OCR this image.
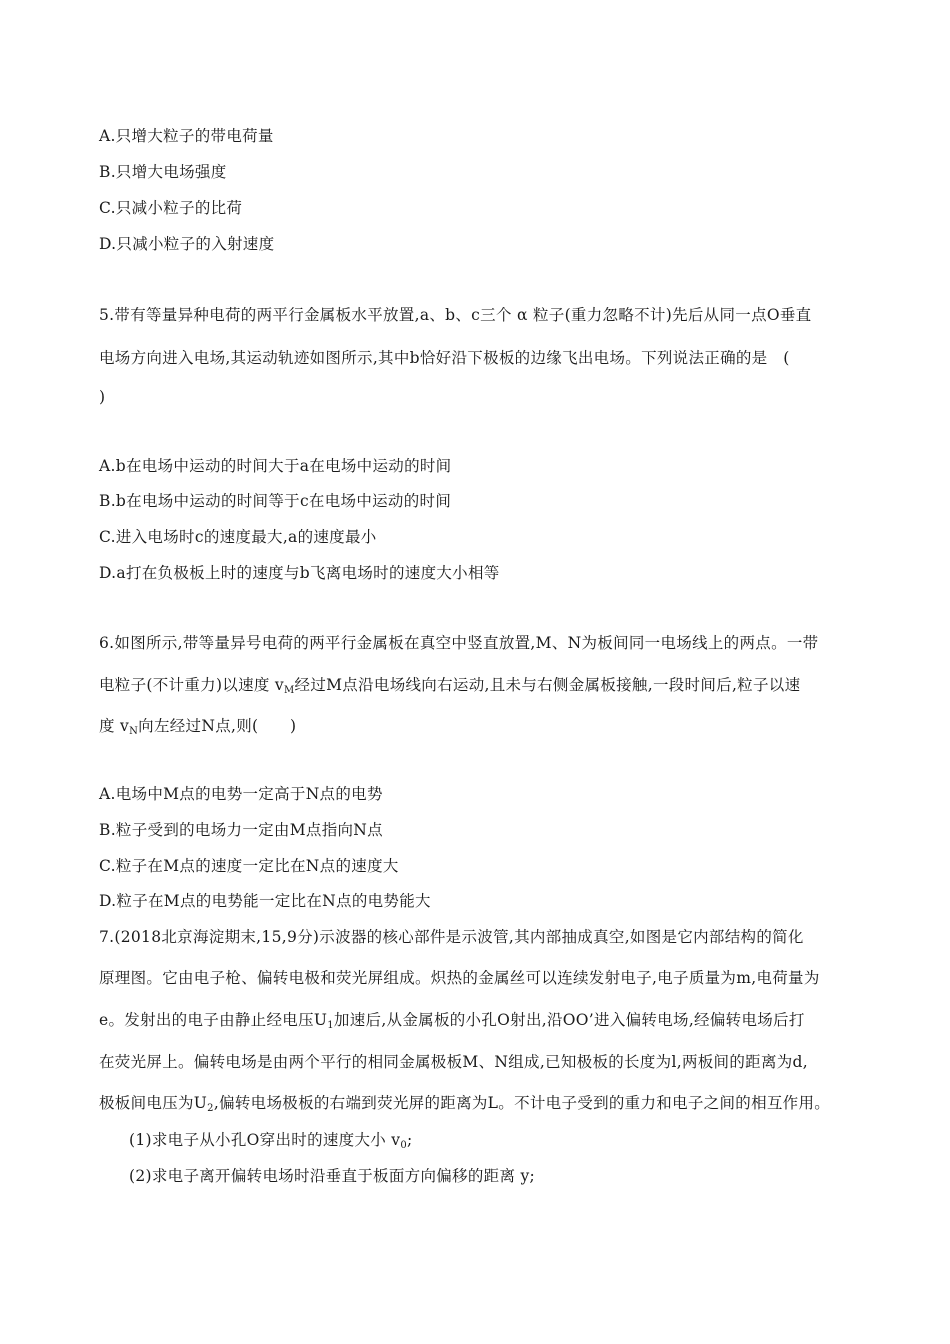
A.只增大粒子的带电荷量
B.只增大电场强度
C.只减小粒子的比荷
D.只减小粒子的入射速度
5.带有等量异种电荷的两平行金属板水平放置,a、b、c三个 α 粒子(重力忽略不计)先后从同一点O垂直
电场方向进入电场,其运动轨迹如图所示,其中b恰好沿下极板的边缘飞出电场。下列说法正确的是　(
)
A.b在电场中运动的时间大于a在电场中运动的时间
B.b在电场中运动的时间等于c在电场中运动的时间
C.进入电场时c的速度最大,a的速度最小
D.a打在负极板上时的速度与b飞离电场时的速度大小相等
6.如图所示,带等量异号电荷的两平行金属板在真空中竖直放置,M、N为板间同一电场线上的两点。一带
电粒子(不计重力)以速度 $v_M$经过M点沿电场线向右运动,且未与右侧金属板接触,一段时间后,粒子以速
度 $v_N$向左经过N点,则(　　)
A.电场中M点的电势一定高于N点的电势
B.粒子受到的电场力一定由M点指向N点
C.粒子在M点的速度一定比在N点的速度大
D.粒子在M点的电势能一定比在N点的电势能大
7.(2018北京海淀期末,15,9分)示波器的核心部件是示波管,其内部抽成真空,如图是它内部结构的简化
原理图。它由电子枪、偏转电极和荧光屏组成。炽热的金属丝可以连续发射电子,电子质量为m,电荷量为
e。发射出的电子由静止经电压$U_1$加速后,从金属板的小孔O射出,沿OO’进入偏转电场,经偏转电场后打
在荧光屏上。偏转电场是由两个平行的相同金属极板M、N组成,已知极板的长度为l,两板间的距离为d,
极板间电压为$U_2$,偏转电场极板的右端到荧光屏的距离为L。不计电子受到的重力和电子之间的相互作用。
(1)求电子从小孔O穿出时的速度大小 $v_0$;
(2)求电子离开偏转电场时沿垂直于板面方向偏移的距离 y;
